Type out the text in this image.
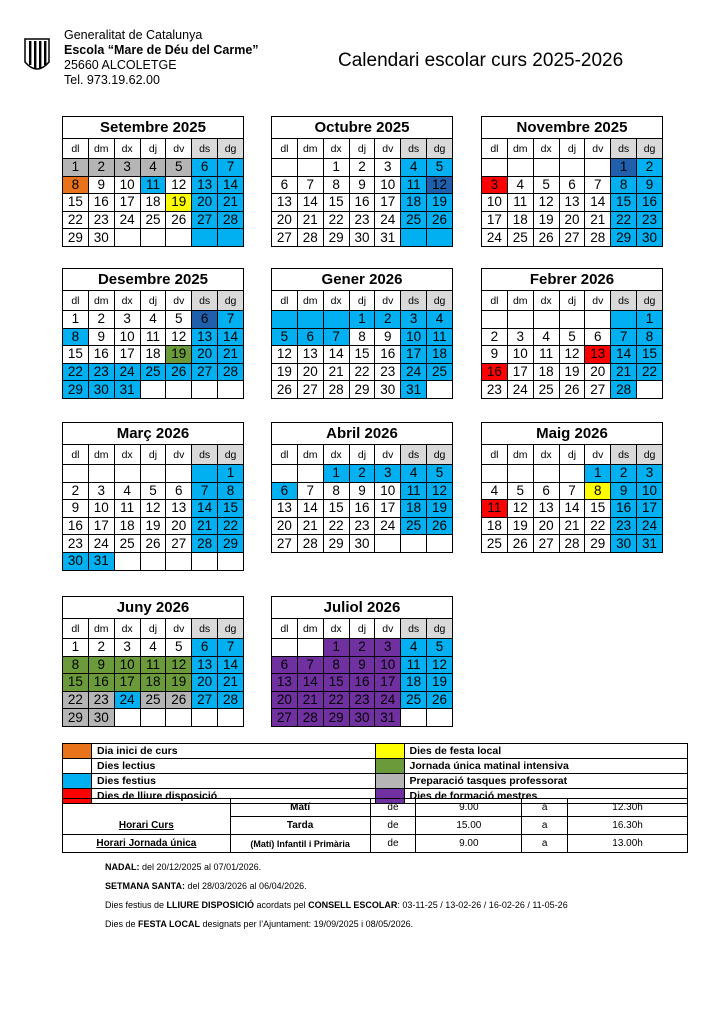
Generalitat de Catalunya
Escola “Mare de Déu del Carme”
25660 ALCOLETGE
Tel. 973.19.62.00
Calendari escolar curs 2025-2026
Setembre 2025
dl	dm	dx	dj	dv	ds	dg
1	2	3	4	5	6	7
8	9	10	11	12	13	14
15	16	17	18	19	20	21
22	23	24	25	26	27	28
29	30					
Octubre 2025
dl	dm	dx	dj	dv	ds	dg
		1	2	3	4	5
6	7	8	9	10	11	12
13	14	15	16	17	18	19
20	21	22	23	24	25	26
27	28	29	30	31		
Novembre 2025
dl	dm	dx	dj	dv	ds	dg
					1	2
3	4	5	6	7	8	9
10	11	12	13	14	15	16
17	18	19	20	21	22	23
24	25	26	27	28	29	30
Desembre 2025
dl	dm	dx	dj	dv	ds	dg
1	2	3	4	5	6	7
8	9	10	11	12	13	14
15	16	17	18	19	20	21
22	23	24	25	26	27	28
29	30	31				
Gener 2026
dl	dm	dx	dj	dv	ds	dg
			1	2	3	4
5	6	7	8	9	10	11
12	13	14	15	16	17	18
19	20	21	22	23	24	25
26	27	28	29	30	31	
Febrer 2026
dl	dm	dx	dj	dv	ds	dg
						1
2	3	4	5	6	7	8
9	10	11	12	13	14	15
16	17	18	19	20	21	22
23	24	25	26	27	28	
Març 2026
dl	dm	dx	dj	dv	ds	dg
						1
2	3	4	5	6	7	8
9	10	11	12	13	14	15
16	17	18	19	20	21	22
23	24	25	26	27	28	29
30	31					
Abril 2026
dl	dm	dx	dj	dv	ds	dg
		1	2	3	4	5
6	7	8	9	10	11	12
13	14	15	16	17	18	19
20	21	22	23	24	25	26
27	28	29	30			
Maig 2026
dl	dm	dx	dj	dv	ds	dg
				1	2	3
4	5	6	7	8	9	10
11	12	13	14	15	16	17
18	19	20	21	22	23	24
25	26	27	28	29	30	31
Juny 2026
dl	dm	dx	dj	dv	ds	dg
1	2	3	4	5	6	7
8	9	10	11	12	13	14
15	16	17	18	19	20	21
22	23	24	25	26	27	28
29	30					
Juliol 2026
dl	dm	dx	dj	dv	ds	dg
		1	2	3	4	5
6	7	8	9	10	11	12
13	14	15	16	17	18	19
20	21	22	23	24	25	26
27	28	29	30	31		
Dia inici de curs	Dies de festa local
Dies lectius	Jornada única matinal intensiva
Dies festius	Preparació tasques professorat
Dies de lliure disposició	Dies de formació mestres
	Matí	de	9.00	a	12.30h
Horari Curs	Tarda	de	15.00	a	16.30h
Horari Jornada única	(Matí) Infantil i Primària	de	9.00	a	13.00h
NADAL: del 20/12/2025 al 07/01/2026.
SETMANA SANTA: del 28/03/2026 al 06/04/2026.
Dies festius de LLIURE DISPOSICIÓ acordats pel CONSELL ESCOLAR: 03-11-25 / 13-02-26 / 16-02-26 / 11-05-26
Dies de FESTA LOCAL designats per l’Ajuntament: 19/09/2025 i 08/05/2026.
